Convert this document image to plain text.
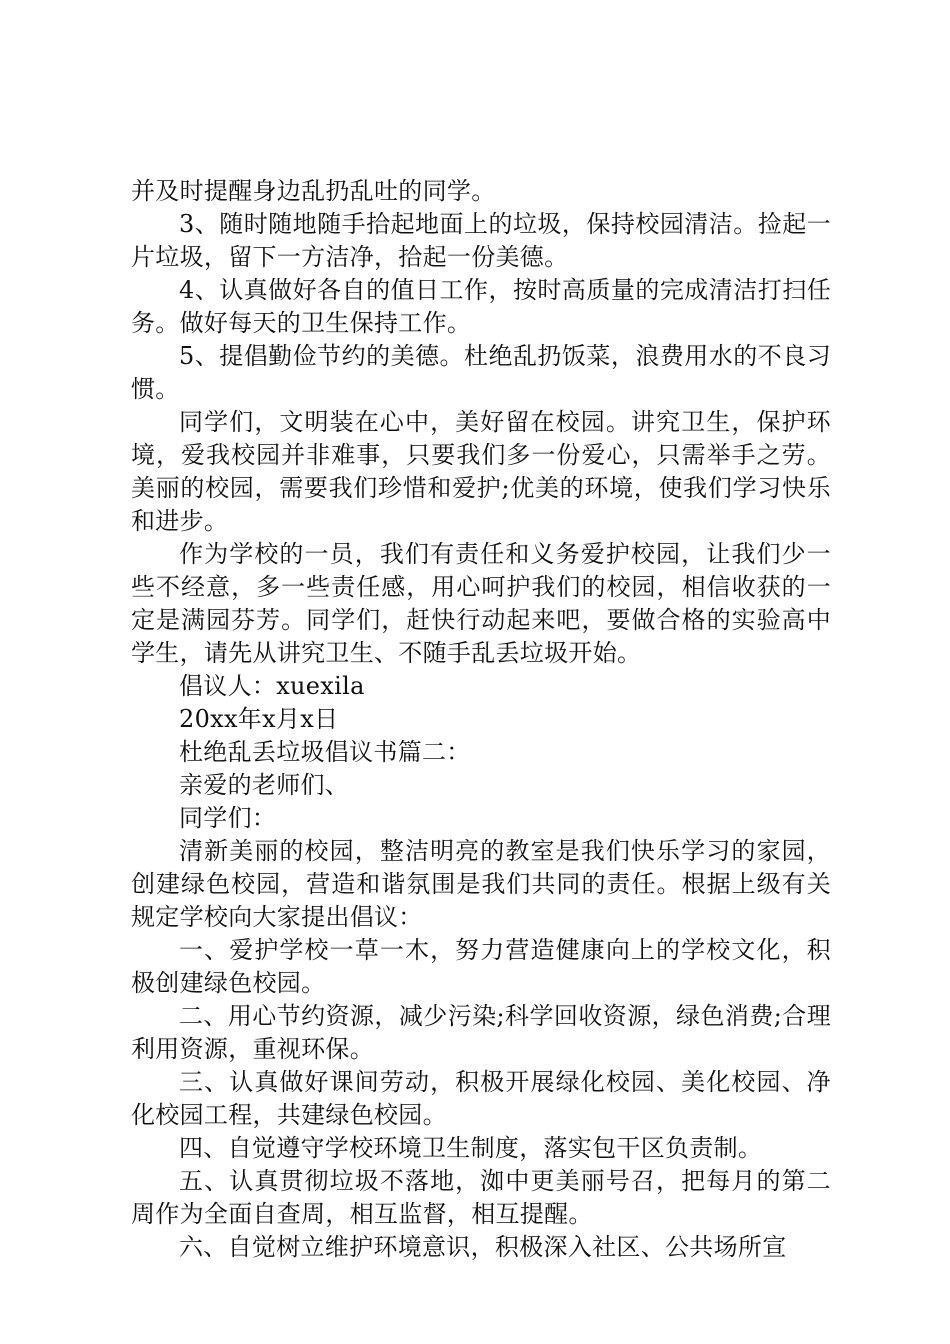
并及时提醒身边乱扔乱吐的同学。

3、随时随地随手拾起地面上的垃圾，保持校园清洁。捡起一片垃圾，留下一方洁净，拾起一份美德。

4、认真做好各自的值日工作，按时高质量的完成清洁打扫任务。做好每天的卫生保持工作。

5、提倡勤俭节约的美德。杜绝乱扔饭菜，浪费用水的不良习惯。

同学们，文明装在心中，美好留在校园。讲究卫生，保护环境，爱我校园并非难事，只要我们多一份爱心，只需举手之劳。美丽的校园，需要我们珍惜和爱护;优美的环境，使我们学习快乐和进步。

作为学校的一员，我们有责任和义务爱护校园，让我们少一些不经意，多一些责任感，用心呵护我们的校园，相信收获的一定是满园芬芳。同学们，赶快行动起来吧，要做合格的实验高中学生，请先从讲究卫生、不随手乱丢垃圾开始。

倡议人：xuexila

20xx年x月x日

杜绝乱丢垃圾倡议书篇二：

亲爱的老师们、

同学们：

清新美丽的校园，整洁明亮的教室是我们快乐学习的家园，创建绿色校园，营造和谐氛围是我们共同的责任。根据上级有关规定学校向大家提出倡议：

一、爱护学校一草一木，努力营造健康向上的学校文化，积极创建绿色校园。

二、用心节约资源，减少污染;科学回收资源，绿色消费;合理利用资源，重视环保。

三、认真做好课间劳动，积极开展绿化校园、美化校园、净化校园工程，共建绿色校园。

四、自觉遵守学校环境卫生制度，落实包干区负责制。

五、认真贯彻垃圾不落地，洳中更美丽号召，把每月的第二周作为全面自查周，相互监督，相互提醒。

六、自觉树立维护环境意识，积极深入社区、公共场所宣
